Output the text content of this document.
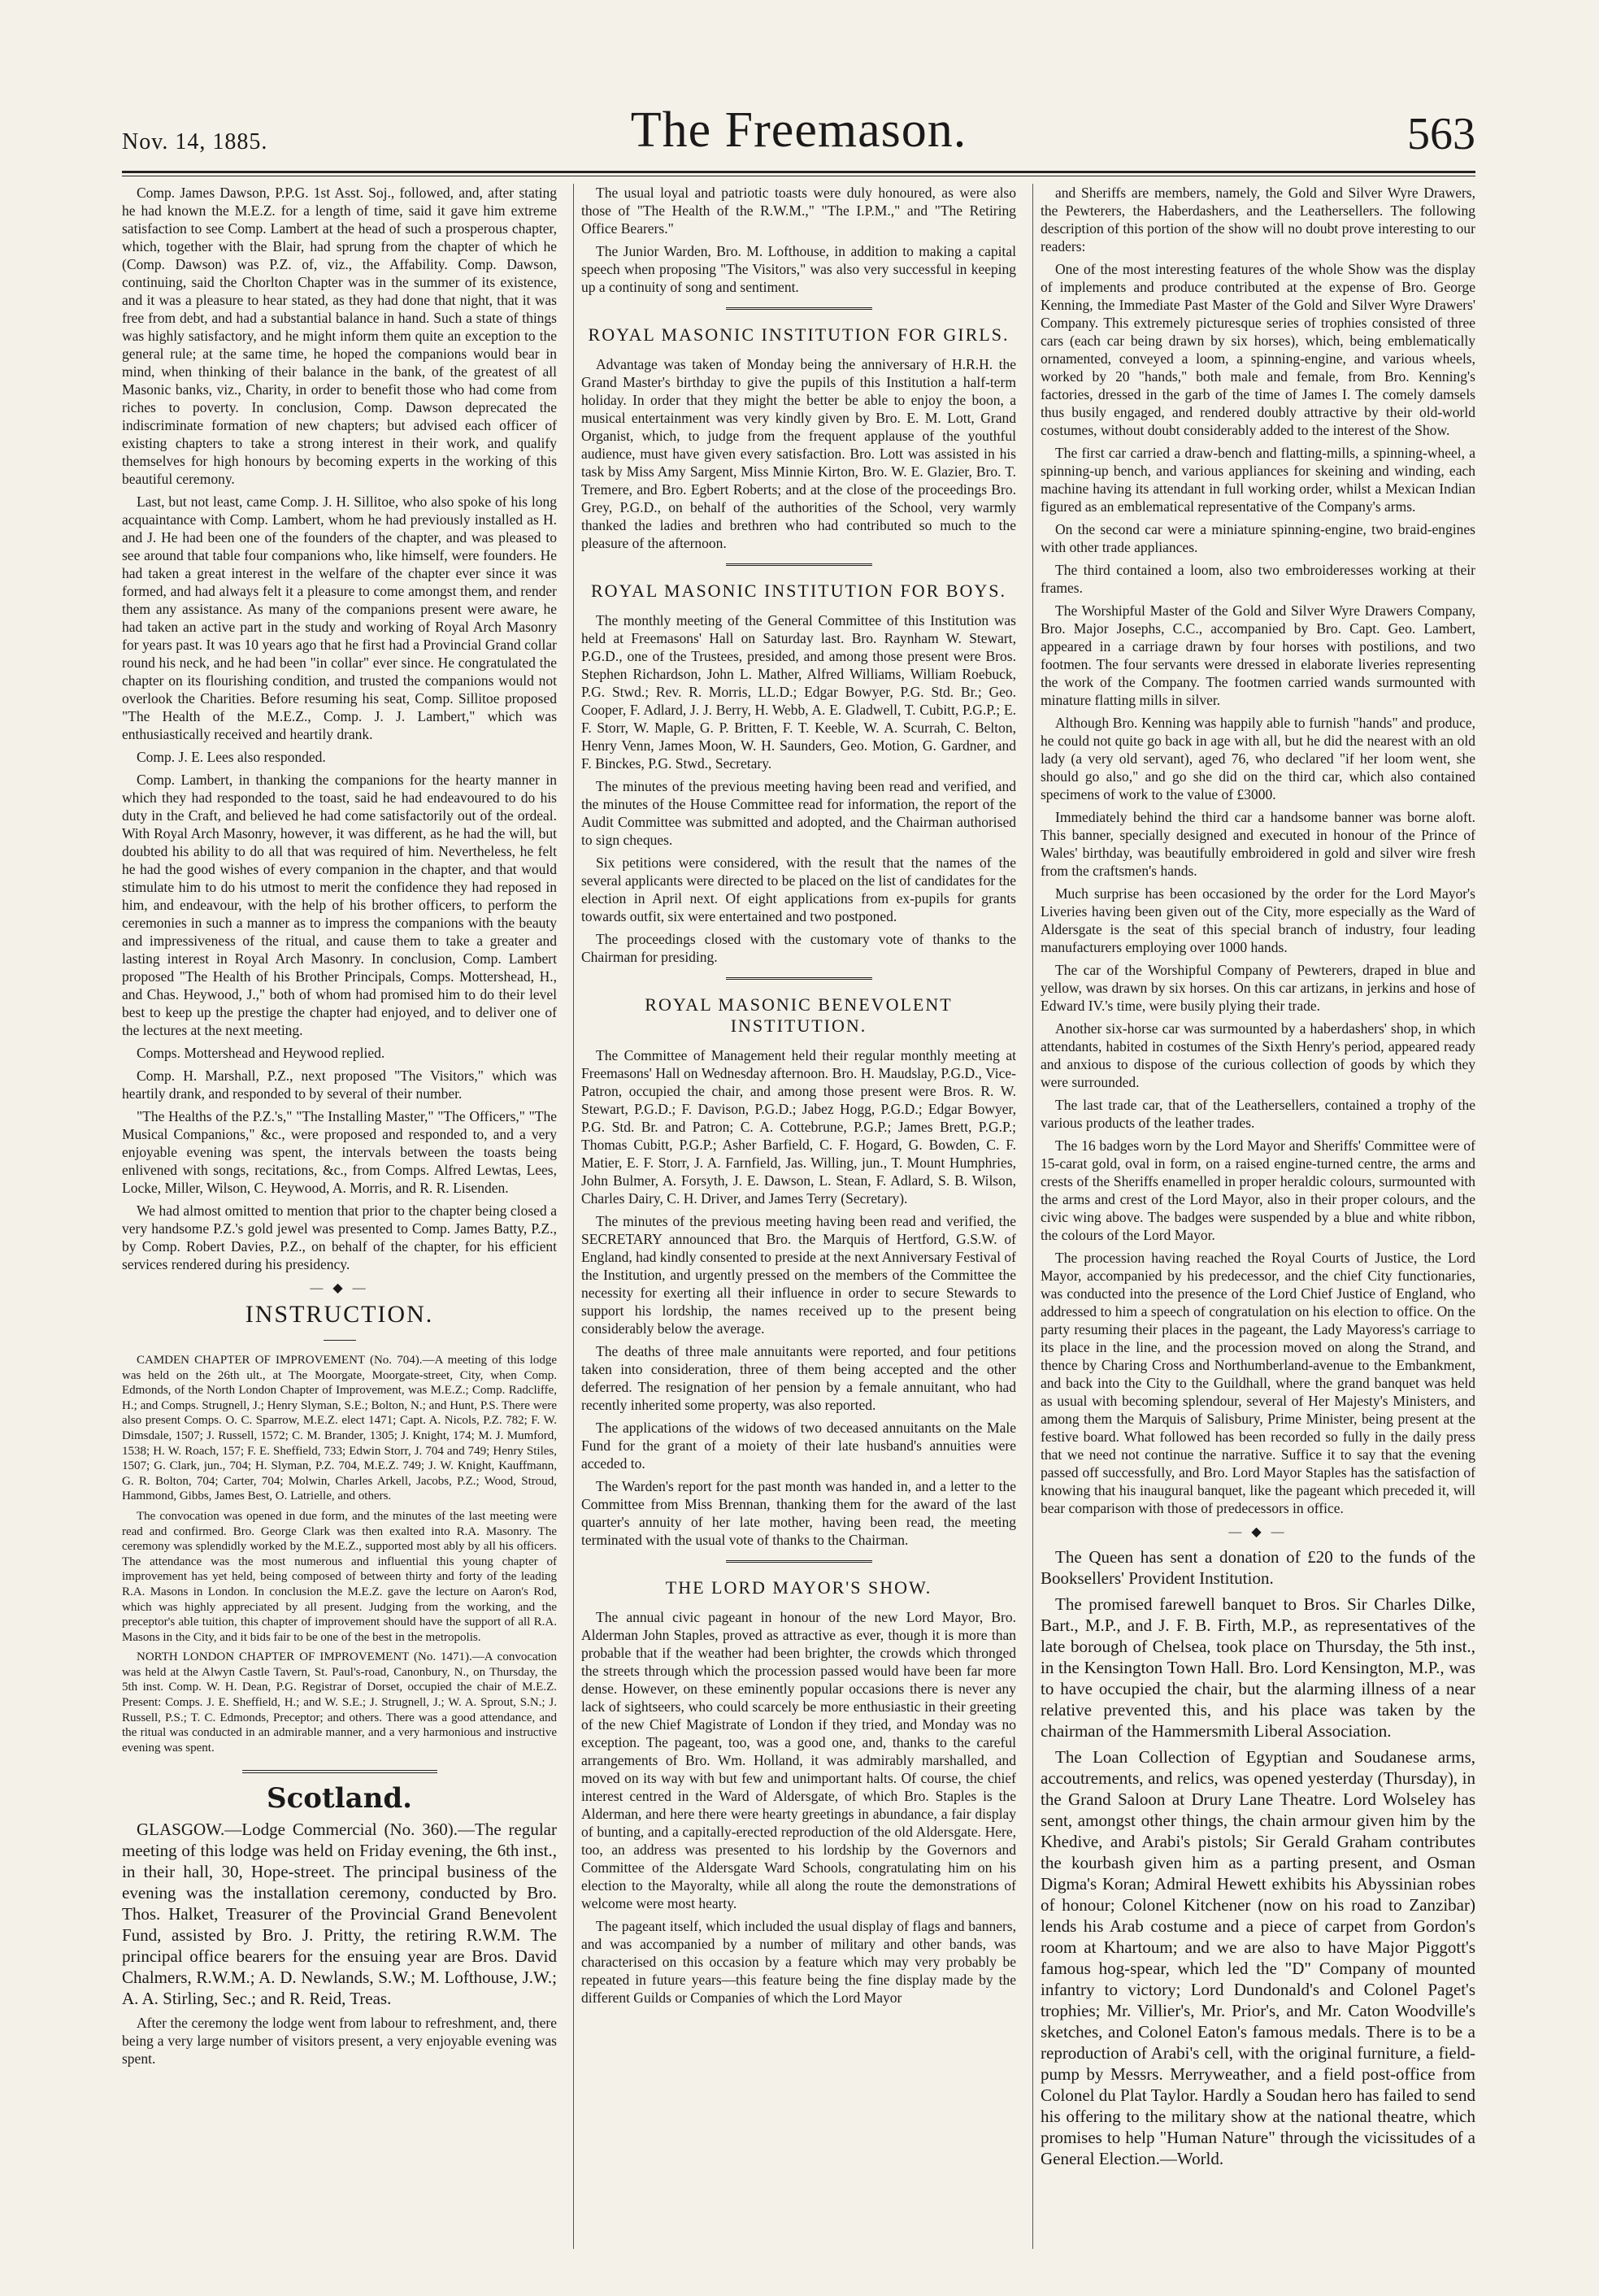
Nov. 14, 1885.	The Freemason.	563

Comp. James Dawson, P.P.G. 1st Asst. Soj., followed, and, after stating he had known the M.E.Z. for a length of time, said it gave him extreme satisfaction to see Comp. Lambert at the head of such a prosperous chapter, which, together with the Blair, had sprung from the chapter of which he (Comp. Dawson) was P.Z. of, viz., the Affability. Comp. Dawson, continuing, said the Chorlton Chapter was in the summer of its existence, and it was a pleasure to hear stated, as they had done that night, that it was free from debt, and had a substantial balance in hand. Such a state of things was highly satisfactory, and he might inform them quite an exception to the general rule; at the same time, he hoped the companions would bear in mind, when thinking of their balance in the bank, of the greatest of all Masonic banks, viz., Charity, in order to benefit those who had come from riches to poverty. In conclusion, Comp. Dawson deprecated the indiscriminate formation of new chapters; but advised each officer of existing chapters to take a strong interest in their work, and qualify themselves for high honours by becoming experts in the working of this beautiful ceremony.

Last, but not least, came Comp. J. H. Sillitoe, who also spoke of his long acquaintance with Comp. Lambert, whom he had previously installed as H. and J. He had been one of the founders of the chapter, and was pleased to see around that table four companions who, like himself, were founders. He had taken a great interest in the welfare of the chapter ever since it was formed, and had always felt it a pleasure to come amongst them, and render them any assistance. As many of the companions present were aware, he had taken an active part in the study and working of Royal Arch Masonry for years past. It was 10 years ago that he first had a Provincial Grand collar round his neck, and he had been "in collar" ever since. He congratulated the chapter on its flourishing condition, and trusted the companions would not overlook the Charities. Before resuming his seat, Comp. Sillitoe proposed "The Health of the M.E.Z., Comp. J. J. Lambert," which was enthusiastically received and heartily drank.

Comp. J. E. Lees also responded.

Comp. Lambert, in thanking the companions for the hearty manner in which they had responded to the toast, said he had endeavoured to do his duty in the Craft, and believed he had come satisfactorily out of the ordeal. With Royal Arch Masonry, however, it was different, as he had the will, but doubted his ability to do all that was required of him. Nevertheless, he felt he had the good wishes of every companion in the chapter, and that would stimulate him to do his utmost to merit the confidence they had reposed in him, and endeavour, with the help of his brother officers, to perform the ceremonies in such a manner as to impress the companions with the beauty and impressiveness of the ritual, and cause them to take a greater and lasting interest in Royal Arch Masonry. In conclusion, Comp. Lambert proposed "The Health of his Brother Principals, Comps. Mottershead, H., and Chas. Heywood, J.," both of whom had promised him to do their level best to keep up the prestige the chapter had enjoyed, and to deliver one of the lectures at the next meeting.

Comps. Mottershead and Heywood replied.

Comp. H. Marshall, P.Z., next proposed "The Visitors," which was heartily drank, and responded to by several of their number.

"The Healths of the P.Z.'s," "The Installing Master," "The Officers," "The Musical Companions," &c., were proposed and responded to, and a very enjoyable evening was spent, the intervals between the toasts being enlivened with songs, recitations, &c., from Comps. Alfred Lewtas, Lees, Locke, Miller, Wilson, C. Heywood, A. Morris, and R. R. Lisenden.

We had almost omitted to mention that prior to the chapter being closed a very handsome P.Z.'s gold jewel was presented to Comp. James Batty, P.Z., by Comp. Robert Davies, P.Z., on behalf of the chapter, for his efficient services rendered during his presidency.

— ◆ —
INSTRUCTION.

CAMDEN CHAPTER OF IMPROVEMENT (No. 704).—A meeting of this lodge was held on the 26th ult., at The Moorgate, Moorgate-street, City, when Comp. Edmonds, of the North London Chapter of Improvement, was M.E.Z.; Comp. Radcliffe, H.; and Comps. Strugnell, J.; Henry Slyman, S.E.; Bolton, N.; and Hunt, P.S. There were also present Comps. O. C. Sparrow, M.E.Z. elect 1471; Capt. A. Nicols, P.Z. 782; F. W. Dimsdale, 1507; J. Russell, 1572; C. M. Brander, 1305; J. Knight, 174; M. J. Mumford, 1538; H. W. Roach, 157; F. E. Sheffield, 733; Edwin Storr, J. 704 and 749; Henry Stiles, 1507; G. Clark, jun., 704; H. Slyman, P.Z. 704, M.E.Z. 749; J. W. Knight, Kauffmann, G. R. Bolton, 704; Carter, 704; Molwin, Charles Arkell, Jacobs, P.Z.; Wood, Stroud, Hammond, Gibbs, James Best, O. Latrielle, and others.

The convocation was opened in due form, and the minutes of the last meeting were read and confirmed. Bro. George Clark was then exalted into R.A. Masonry. The ceremony was splendidly worked by the M.E.Z., supported most ably by all his officers. The attendance was the most numerous and influential this young chapter of improvement has yet held, being composed of between thirty and forty of the leading R.A. Masons in London. In conclusion the M.E.Z. gave the lecture on Aaron's Rod, which was highly appreciated by all present. Judging from the working, and the preceptor's able tuition, this chapter of improvement should have the support of all R.A. Masons in the City, and it bids fair to be one of the best in the metropolis.

NORTH LONDON CHAPTER OF IMPROVEMENT (No. 1471).—A convocation was held at the Alwyn Castle Tavern, St. Paul's-road, Canonbury, N., on Thursday, the 5th inst. Comp. W. H. Dean, P.G. Registrar of Dorset, occupied the chair of M.E.Z. Present: Comps. J. E. Sheffield, H.; and W. S.E.; J. Strugnell, J.; W. A. Sprout, S.N.; J. Russell, P.S.; T. C. Edmonds, Preceptor; and others. There was a good attendance, and the ritual was conducted in an admirable manner, and a very harmonious and instructive evening was spent.

Scotland.

GLASGOW.—Lodge Commercial (No. 360).—The regular meeting of this lodge was held on Friday evening, the 6th inst., in their hall, 30, Hope-street. The principal business of the evening was the installation ceremony, conducted by Bro. Thos. Halket, Treasurer of the Provincial Grand Benevolent Fund, assisted by Bro. J. Pritty, the retiring R.W.M. The principal office bearers for the ensuing year are Bros. David Chalmers, R.W.M.; A. D. Newlands, S.W.; M. Lofthouse, J.W.; A. A. Stirling, Sec.; and R. Reid, Treas.

After the ceremony the lodge went from labour to refreshment, and, there being a very large number of visitors present, a very enjoyable evening was spent.

The usual loyal and patriotic toasts were duly honoured, as were also those of "The Health of the R.W.M.," "The I.P.M.," and "The Retiring Office Bearers."

The Junior Warden, Bro. M. Lofthouse, in addition to making a capital speech when proposing "The Visitors," was also very successful in keeping up a continuity of song and sentiment.

ROYAL MASONIC INSTITUTION FOR GIRLS.

Advantage was taken of Monday being the anniversary of H.R.H. the Grand Master's birthday to give the pupils of this Institution a half-term holiday. In order that they might the better be able to enjoy the boon, a musical entertainment was very kindly given by Bro. E. M. Lott, Grand Organist, which, to judge from the frequent applause of the youthful audience, must have given every satisfaction. Bro. Lott was assisted in his task by Miss Amy Sargent, Miss Minnie Kirton, Bro. W. E. Glazier, Bro. T. Tremere, and Bro. Egbert Roberts; and at the close of the proceedings Bro. Grey, P.G.D., on behalf of the authorities of the School, very warmly thanked the ladies and brethren who had contributed so much to the pleasure of the afternoon.

ROYAL MASONIC INSTITUTION FOR BOYS.

The monthly meeting of the General Committee of this Institution was held at Freemasons' Hall on Saturday last. Bro. Raynham W. Stewart, P.G.D., one of the Trustees, presided, and among those present were Bros. Stephen Richardson, John L. Mather, Alfred Williams, William Roebuck, P.G. Stwd.; Rev. R. Morris, LL.D.; Edgar Bowyer, P.G. Std. Br.; Geo. Cooper, F. Adlard, J. J. Berry, H. Webb, A. E. Gladwell, T. Cubitt, P.G.P.; E. F. Storr, W. Maple, G. P. Britten, F. T. Keeble, W. A. Scurrah, C. Belton, Henry Venn, James Moon, W. H. Saunders, Geo. Motion, G. Gardner, and F. Binckes, P.G. Stwd., Secretary.

The minutes of the previous meeting having been read and verified, and the minutes of the House Committee read for information, the report of the Audit Committee was submitted and adopted, and the Chairman authorised to sign cheques.

Six petitions were considered, with the result that the names of the several applicants were directed to be placed on the list of candidates for the election in April next. Of eight applications from ex-pupils for grants towards outfit, six were entertained and two postponed.

The proceedings closed with the customary vote of thanks to the Chairman for presiding.

ROYAL MASONIC BENEVOLENT INSTITUTION.

The Committee of Management held their regular monthly meeting at Freemasons' Hall on Wednesday afternoon. Bro. H. Maudslay, P.G.D., Vice-Patron, occupied the chair, and among those present were Bros. R. W. Stewart, P.G.D.; F. Davison, P.G.D.; Jabez Hogg, P.G.D.; Edgar Bowyer, P.G. Std. Br. and Patron; C. A. Cottebrune, P.G.P.; James Brett, P.G.P.; Thomas Cubitt, P.G.P.; Asher Barfield, C. F. Hogard, G. Bowden, C. F. Matier, E. F. Storr, J. A. Farnfield, Jas. Willing, jun., T. Mount Humphries, John Bulmer, A. Forsyth, J. E. Dawson, L. Stean, F. Adlard, S. B. Wilson, Charles Dairy, C. H. Driver, and James Terry (Secretary).

The minutes of the previous meeting having been read and verified, the SECRETARY announced that Bro. the Marquis of Hertford, G.S.W. of England, had kindly consented to preside at the next Anniversary Festival of the Institution, and urgently pressed on the members of the Committee the necessity for exerting all their influence in order to secure Stewards to support his lordship, the names received up to the present being considerably below the average.

The deaths of three male annuitants were reported, and four petitions taken into consideration, three of them being accepted and the other deferred. The resignation of her pension by a female annuitant, who had recently inherited some property, was also reported.

The applications of the widows of two deceased annuitants on the Male Fund for the grant of a moiety of their late husband's annuities were acceded to.

The Warden's report for the past month was handed in, and a letter to the Committee from Miss Brennan, thanking them for the award of the last quarter's annuity of her late mother, having been read, the meeting terminated with the usual vote of thanks to the Chairman.

THE LORD MAYOR'S SHOW.

The annual civic pageant in honour of the new Lord Mayor, Bro. Alderman John Staples, proved as attractive as ever, though it is more than probable that if the weather had been brighter, the crowds which thronged the streets through which the procession passed would have been far more dense. However, on these eminently popular occasions there is never any lack of sightseers, who could scarcely be more enthusiastic in their greeting of the new Chief Magistrate of London if they tried, and Monday was no exception. The pageant, too, was a good one, and, thanks to the careful arrangements of Bro. Wm. Holland, it was admirably marshalled, and moved on its way with but few and unimportant halts. Of course, the chief interest centred in the Ward of Aldersgate, of which Bro. Staples is the Alderman, and here there were hearty greetings in abundance, a fair display of bunting, and a capitally-erected reproduction of the old Aldersgate. Here, too, an address was presented to his lordship by the Governors and Committee of the Aldersgate Ward Schools, congratulating him on his election to the Mayoralty, while all along the route the demonstrations of welcome were most hearty.

The pageant itself, which included the usual display of flags and banners, and was accompanied by a number of military and other bands, was characterised on this occasion by a feature which may very probably be repeated in future years—this feature being the fine display made by the different Guilds or Companies of which the Lord Mayor

and Sheriffs are members, namely, the Gold and Silver Wyre Drawers, the Pewterers, the Haberdashers, and the Leathersellers. The following description of this portion of the show will no doubt prove interesting to our readers:

One of the most interesting features of the whole Show was the display of implements and produce contributed at the expense of Bro. George Kenning, the Immediate Past Master of the Gold and Silver Wyre Drawers' Company. This extremely picturesque series of trophies consisted of three cars (each car being drawn by six horses), which, being emblematically ornamented, conveyed a loom, a spinning-engine, and various wheels, worked by 20 "hands," both male and female, from Bro. Kenning's factories, dressed in the garb of the time of James I. The comely damsels thus busily engaged, and rendered doubly attractive by their old-world costumes, without doubt considerably added to the interest of the Show.

The first car carried a draw-bench and flatting-mills, a spinning-wheel, a spinning-up bench, and various appliances for skeining and winding, each machine having its attendant in full working order, whilst a Mexican Indian figured as an emblematical representative of the Company's arms.

On the second car were a miniature spinning-engine, two braid-engines with other trade appliances.

The third contained a loom, also two embroideresses working at their frames.

The Worshipful Master of the Gold and Silver Wyre Drawers Company, Bro. Major Josephs, C.C., accompanied by Bro. Capt. Geo. Lambert, appeared in a carriage drawn by four horses with postilions, and two footmen. The four servants were dressed in elaborate liveries representing the work of the Company. The footmen carried wands surmounted with minature flatting mills in silver.

Although Bro. Kenning was happily able to furnish "hands" and produce, he could not quite go back in age with all, but he did the nearest with an old lady (a very old servant), aged 76, who declared "if her loom went, she should go also," and go she did on the third car, which also contained specimens of work to the value of £3000.

Immediately behind the third car a handsome banner was borne aloft. This banner, specially designed and executed in honour of the Prince of Wales' birthday, was beautifully embroidered in gold and silver wire fresh from the craftsmen's hands.

Much surprise has been occasioned by the order for the Lord Mayor's Liveries having been given out of the City, more especially as the Ward of Aldersgate is the seat of this special branch of industry, four leading manufacturers employing over 1000 hands.

The car of the Worshipful Company of Pewterers, draped in blue and yellow, was drawn by six horses. On this car artizans, in jerkins and hose of Edward IV.'s time, were busily plying their trade.

Another six-horse car was surmounted by a haberdashers' shop, in which attendants, habited in costumes of the Sixth Henry's period, appeared ready and anxious to dispose of the curious collection of goods by which they were surrounded.

The last trade car, that of the Leathersellers, contained a trophy of the various products of the leather trades.

The 16 badges worn by the Lord Mayor and Sheriffs' Committee were of 15-carat gold, oval in form, on a raised engine-turned centre, the arms and crests of the Sheriffs enamelled in proper heraldic colours, surmounted with the arms and crest of the Lord Mayor, also in their proper colours, and the civic wing above. The badges were suspended by a blue and white ribbon, the colours of the Lord Mayor.

The procession having reached the Royal Courts of Justice, the Lord Mayor, accompanied by his predecessor, and the chief City functionaries, was conducted into the presence of the Lord Chief Justice of England, who addressed to him a speech of congratulation on his election to office. On the party resuming their places in the pageant, the Lady Mayoress's carriage to its place in the line, and the procession moved on along the Strand, and thence by Charing Cross and Northumberland-avenue to the Embankment, and back into the City to the Guildhall, where the grand banquet was held as usual with becoming splendour, several of Her Majesty's Ministers, and among them the Marquis of Salisbury, Prime Minister, being present at the festive board. What followed has been recorded so fully in the daily press that we need not continue the narrative. Suffice it to say that the evening passed off successfully, and Bro. Lord Mayor Staples has the satisfaction of knowing that his inaugural banquet, like the pageant which preceded it, will bear comparison with those of predecessors in office.

— ◆ —

The Queen has sent a donation of £20 to the funds of the Booksellers' Provident Institution.

The promised farewell banquet to Bros. Sir Charles Dilke, Bart., M.P., and J. F. B. Firth, M.P., as representatives of the late borough of Chelsea, took place on Thursday, the 5th inst., in the Kensington Town Hall. Bro. Lord Kensington, M.P., was to have occupied the chair, but the alarming illness of a near relative prevented this, and his place was taken by the chairman of the Hammersmith Liberal Association.

The Loan Collection of Egyptian and Soudanese arms, accoutrements, and relics, was opened yesterday (Thursday), in the Grand Saloon at Drury Lane Theatre. Lord Wolseley has sent, amongst other things, the chain armour given him by the Khedive, and Arabi's pistols; Sir Gerald Graham contributes the kourbash given him as a parting present, and Osman Digma's Koran; Admiral Hewett exhibits his Abyssinian robes of honour; Colonel Kitchener (now on his road to Zanzibar) lends his Arab costume and a piece of carpet from Gordon's room at Khartoum; and we are also to have Major Piggott's famous hog-spear, which led the "D" Company of mounted infantry to victory; Lord Dundonald's and Colonel Paget's trophies; Mr. Villier's, Mr. Prior's, and Mr. Caton Woodville's sketches, and Colonel Eaton's famous medals. There is to be a reproduction of Arabi's cell, with the original furniture, a field-pump by Messrs. Merryweather, and a field post-office from Colonel du Plat Taylor. Hardly a Soudan hero has failed to send his offering to the military show at the national theatre, which promises to help "Human Nature" through the vicissitudes of a General Election.—World.
